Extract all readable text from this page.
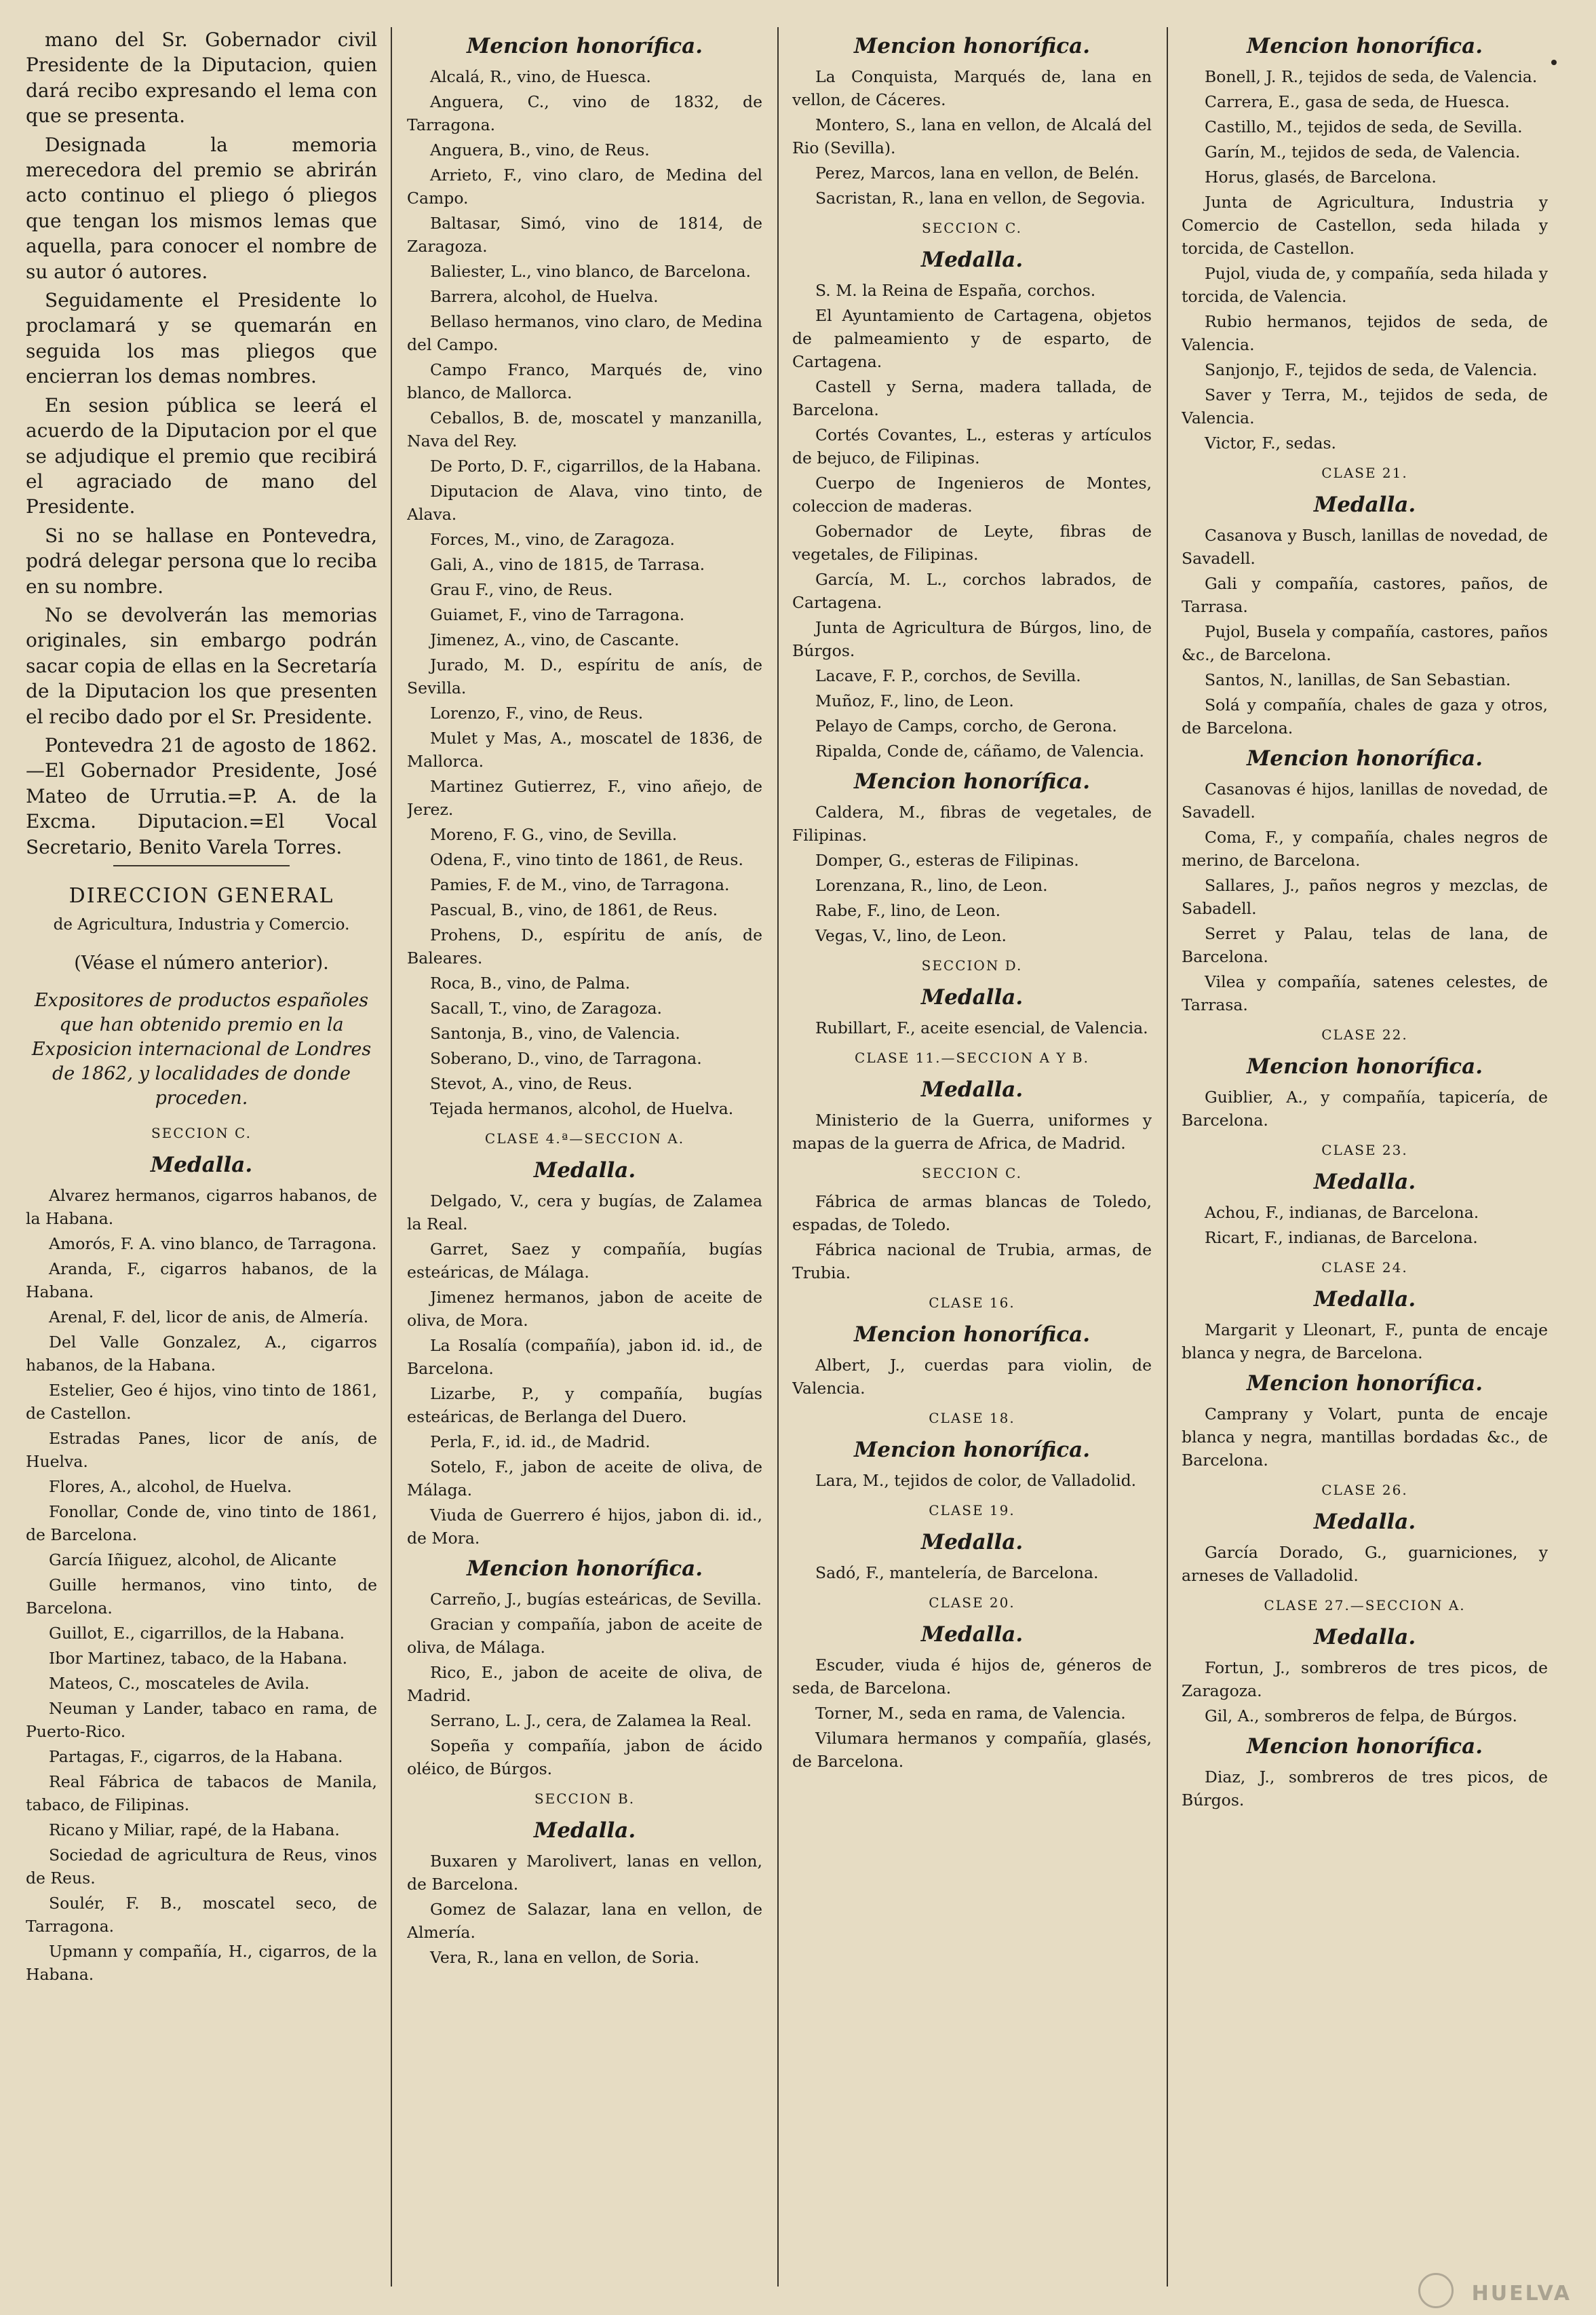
mano del Sr. Gobernador civil Presidente de la Diputacion, quien dará recibo expresando el lema con que se presenta.

Designada la memoria merecedora del premio se abrirán acto continuo el pliego ó pliegos que tengan los mismos lemas que aquella, para conocer el nombre de su autor ó autores.

Seguidamente el Presidente lo proclamará y se quemarán en seguida los mas pliegos que encierran los demas nombres.

En sesion pública se leerá el acuerdo de la Diputacion por el que se adjudique el premio que recibirá el agraciado de mano del Presidente.

Si no se hallase en Pontevedra, podrá delegar persona que lo reciba en su nombre.

No se devolverán las memorias originales, sin embargo podrán sacar copia de ellas en la Secretaría de la Diputacion los que presenten el recibo dado por el Sr. Presidente.

Pontevedra 21 de agosto de 1862.—El Gobernador Presidente, José Mateo de Urrutia.=P. A. de la Excma. Diputacion.=El Vocal Secretario, Benito Varela Torres.

DIRECCION GENERAL
de Agricultura, Industria y Comercio.
(Véase el número anterior).
Expositores de productos españoles que han obtenido premio en la Exposicion internacional de Londres de 1862, y localidades de donde proceden.
SECCION C.
Medalla.
Alvarez hermanos, cigarros habanos, de la Habana.
Amorós, F. A. vino blanco, de Tarragona.
Aranda, F., cigarros habanos, de la Habana.
Arenal, F. del, licor de anis, de Almería.
Del Valle Gonzalez, A., cigarros habanos, de la Habana.
Estelier, Geo é hijos, vino tinto de 1861, de Castellon.
Estradas Panes, licor de anís, de Huelva.
Flores, A., alcohol, de Huelva.
Fonollar, Conde de, vino tinto de 1861, de Barcelona.
García Iñiguez, alcohol, de Alicante
Guille hermanos, vino tinto, de Barcelona.
Guillot, E., cigarrillos, de la Habana.
Ibor Martinez, tabaco, de la Habana.
Mateos, C., moscateles de Avila.
Neuman y Lander, tabaco en rama, de Puerto-Rico.
Partagas, F., cigarros, de la Habana.
Real Fábrica de tabacos de Manila, tabaco, de Filipinas.
Ricano y Miliar, rapé, de la Habana.
Sociedad de agricultura de Reus, vinos de Reus.
Soulér, F. B., moscatel seco, de Tarragona.
Upmann y compañía, H., cigarros, de la Habana.
Mencion honorífica.
Alcalá, R., vino, de Huesca.
Anguera, C., vino de 1832, de Tarragona.
Anguera, B., vino, de Reus.
Arrieto, F., vino claro, de Medina del Campo.
Baltasar, Simó, vino de 1814, de Zaragoza.
Baliester, L., vino blanco, de Barcelona.
Barrera, alcohol, de Huelva.
Bellaso hermanos, vino claro, de Medina del Campo.
Campo Franco, Marqués de, vino blanco, de Mallorca.
Ceballos, B. de, moscatel y manzanilla, Nava del Rey.
De Porto, D. F., cigarrillos, de la Habana.
Diputacion de Alava, vino tinto, de Alava.
Forces, M., vino, de Zaragoza.
Gali, A., vino de 1815, de Tarrasa.
Grau F., vino, de Reus.
Guiamet, F., vino de Tarragona.
Jimenez, A., vino, de Cascante.
Jurado, M. D., espíritu de anís, de Sevilla.
Lorenzo, F., vino, de Reus.
Mulet y Mas, A., moscatel de 1836, de Mallorca.
Martinez Gutierrez, F., vino añejo, de Jerez.
Moreno, F. G., vino, de Sevilla.
Odena, F., vino tinto de 1861, de Reus.
Pamies, F. de M., vino, de Tarragona.
Pascual, B., vino, de 1861, de Reus.
Prohens, D., espíritu de anís, de Baleares.
Roca, B., vino, de Palma.
Sacall, T., vino, de Zaragoza.
Santonja, B., vino, de Valencia.
Soberano, D., vino, de Tarragona.
Stevot, A., vino, de Reus.
Tejada hermanos, alcohol, de Huelva.
CLASE 4.ª—SECCION A.
Medalla.
Delgado, V., cera y bugías, de Zalamea la Real.
Garret, Saez y compañía, bugías esteáricas, de Málaga.
Jimenez hermanos, jabon de aceite de oliva, de Mora.
La Rosalía (compañía), jabon id. id., de Barcelona.
Lizarbe, P., y compañía, bugías esteáricas, de Berlanga del Duero.
Perla, F., id. id., de Madrid.
Sotelo, F., jabon de aceite de oliva, de Málaga.
Viuda de Guerrero é hijos, jabon di. id., de Mora.
Mencion honorífica.
Carreño, J., bugías esteáricas, de Sevilla.
Gracian y compañía, jabon de aceite de oliva, de Málaga.
Rico, E., jabon de aceite de oliva, de Madrid.
Serrano, L. J., cera, de Zalamea la Real.
Sopeña y compañía, jabon de ácido oléico, de Búrgos.
SECCION B.
Medalla.
Buxaren y Marolivert, lanas en vellon, de Barcelona.
Gomez de Salazar, lana en vellon, de Almería.
Vera, R., lana en vellon, de Soria.
Mencion honorífica.
La Conquista, Marqués de, lana en vellon, de Cáceres.
Montero, S., lana en vellon, de Alcalá del Rio (Sevilla).
Perez, Marcos, lana en vellon, de Belén.
Sacristan, R., lana en vellon, de Segovia.
SECCION C.
Medalla.
S. M. la Reina de España, corchos.
El Ayuntamiento de Cartagena, objetos de palmeamiento y de esparto, de Cartagena.
Castell y Serna, madera tallada, de Barcelona.
Cortés Covantes, L., esteras y artículos de bejuco, de Filipinas.
Cuerpo de Ingenieros de Montes, coleccion de maderas.
Gobernador de Leyte, fibras de vegetales, de Filipinas.
García, M. L., corchos labrados, de Cartagena.
Junta de Agricultura de Búrgos, lino, de Búrgos.
Lacave, F. P., corchos, de Sevilla.
Muñoz, F., lino, de Leon.
Pelayo de Camps, corcho, de Gerona.
Ripalda, Conde de, cáñamo, de Valencia.
Mencion honorífica.
Caldera, M., fibras de vegetales, de Filipinas.
Domper, G., esteras de Filipinas.
Lorenzana, R., lino, de Leon.
Rabe, F., lino, de Leon.
Vegas, V., lino, de Leon.
SECCION D.
Medalla.
Rubillart, F., aceite esencial, de Valencia.
CLASE 11.—SECCION A Y B.
Medalla.
Ministerio de la Guerra, uniformes y mapas de la guerra de Africa, de Madrid.
SECCION C.
Fábrica de armas blancas de Toledo, espadas, de Toledo.
Fábrica nacional de Trubia, armas, de Trubia.
CLASE 16.
Mencion honorífica.
Albert, J., cuerdas para violin, de Valencia.
CLASE 18.
Mencion honorífica.
Lara, M., tejidos de color, de Valladolid.
CLASE 19.
Medalla.
Sadó, F., mantelería, de Barcelona.
CLASE 20.
Medalla.
Escuder, viuda é hijos de, géneros de seda, de Barcelona.
Torner, M., seda en rama, de Valencia.
Vilumara hermanos y compañía, glasés, de Barcelona.
Mencion honorífica.
Bonell, J. R., tejidos de seda, de Valencia.
Carrera, E., gasa de seda, de Huesca.
Castillo, M., tejidos de seda, de Sevilla.
Garín, M., tejidos de seda, de Valencia.
Horus, glasés, de Barcelona.
Junta de Agricultura, Industria y Comercio de Castellon, seda hilada y torcida, de Castellon.
Pujol, viuda de, y compañía, seda hilada y torcida, de Valencia.
Rubio hermanos, tejidos de seda, de Valencia.
Sanjonjo, F., tejidos de seda, de Valencia.
Saver y Terra, M., tejidos de seda, de Valencia.
Victor, F., sedas.
CLASE 21.
Medalla.
Casanova y Busch, lanillas de novedad, de Savadell.
Gali y compañía, castores, paños, de Tarrasa.
Pujol, Busela y compañía, castores, paños &c., de Barcelona.
Santos, N., lanillas, de San Sebastian.
Solá y compañía, chales de gaza y otros, de Barcelona.
Mencion honorífica.
Casanovas é hijos, lanillas de novedad, de Savadell.
Coma, F., y compañía, chales negros de merino, de Barcelona.
Sallares, J., paños negros y mezclas, de Sabadell.
Serret y Palau, telas de lana, de Barcelona.
Vilea y compañía, satenes celestes, de Tarrasa.
CLASE 22.
Mencion honorífica.
Guiblier, A., y compañía, tapicería, de Barcelona.
CLASE 23.
Medalla.
Achou, F., indianas, de Barcelona.
Ricart, F., indianas, de Barcelona.
CLASE 24.
Medalla.
Margarit y Lleonart, F., punta de encaje blanca y negra, de Barcelona.
Mencion honorífica.
Camprany y Volart, punta de encaje blanca y negra, mantillas bordadas &c., de Barcelona.
CLASE 26.
Medalla.
García Dorado, G., guarniciones, y arneses de Valladolid.
CLASE 27.—SECCION A.
Medalla.
Fortun, J., sombreros de tres picos, de Zaragoza.
Gil, A., sombreros de felpa, de Búrgos.
Mencion honorífica.
Diaz, J., sombreros de tres picos, de Búrgos.
HUELVA
